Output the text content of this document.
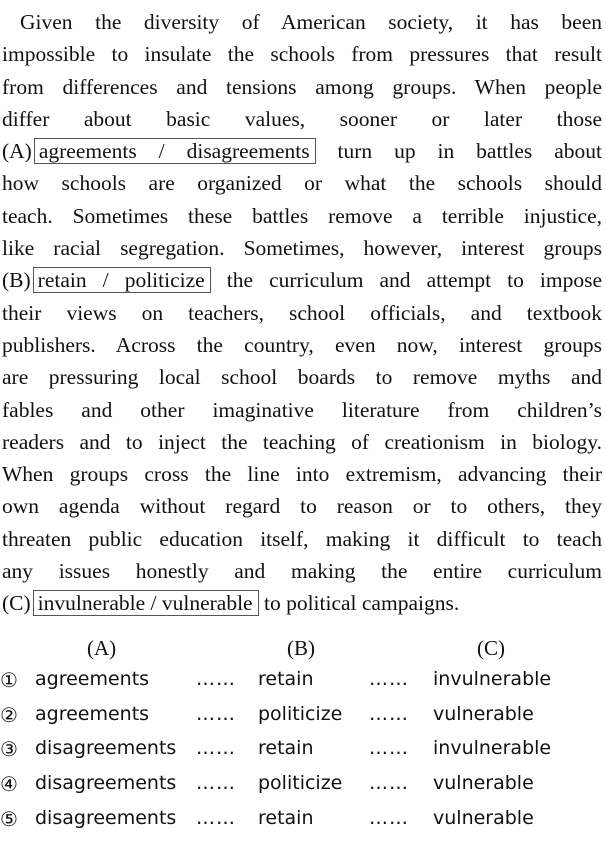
Given the diversity of American society, it has been
impossible to insulate the schools from pressures that result
from differences and tensions among groups. When people
differ about basic values, sooner or later those
(A) agreements / disagreements turn up in battles about
how schools are organized or what the schools should
teach. Sometimes these battles remove a terrible injustice,
like racial segregation. Sometimes, however, interest groups
(B) retain / politicize the curriculum and attempt to impose
their views on teachers, school officials, and textbook
publishers. Across the country, even now, interest groups
are pressuring local school boards to remove myths and
fables and other imaginative literature from children’s
readers and to inject the teaching of creationism in biology.
When groups cross the line into extremism, advancing their
own agenda without regard to reason or to others, they
threaten public education itself, making it difficult to teach
any issues honestly and making the entire curriculum
(C) invulnerable / vulnerable to political campaigns.
(A)	(B)	(C)
① agreements …… retain	…… invulnerable
② agreements …… politicize …… vulnerable
③ disagreements …… retain	…… invulnerable
④ disagreements …… politicize …… vulnerable
⑤ disagreements …… retain	…… vulnerable
